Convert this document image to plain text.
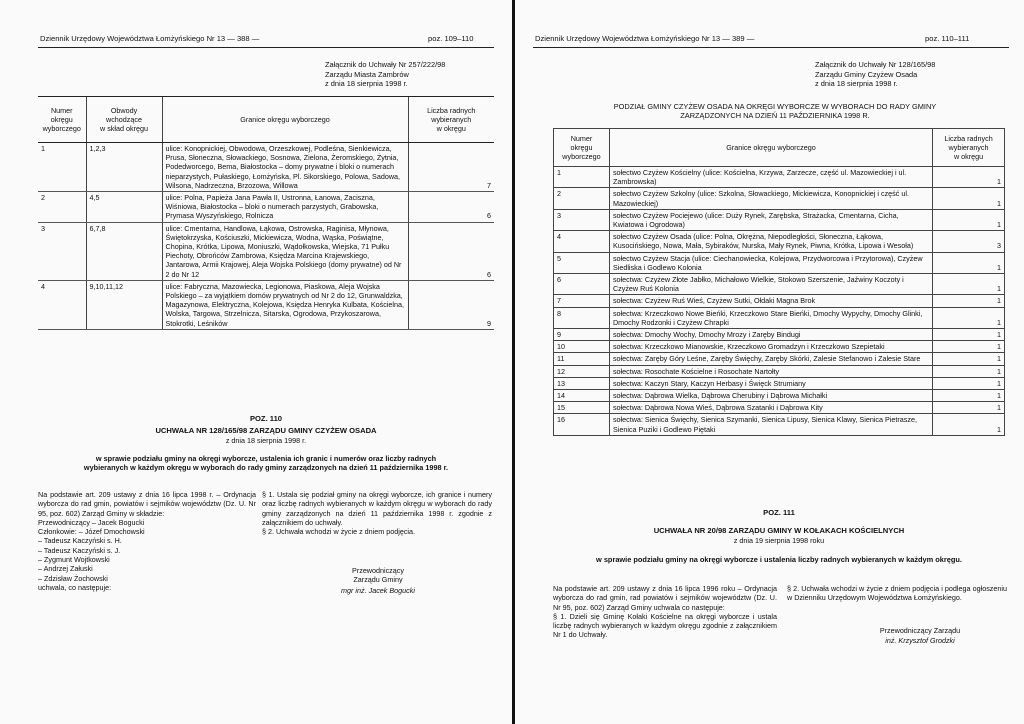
Dziennik Urzędowy Województwa Łomżyńskiego Nr 13 — 388 —	poz. 109–110
Załącznik do Uchwały Nr 257/222/98
Zarządu Miasta Zambrów
z dnia 18 sierpnia 1998 r.
Numer
okręgu
wyborczego	Obwody
wchodzące
w skład okręgu	Granice okręgu wyborczego	Liczba radnych
wybieranych
w okręgu
1	1,2,3	ulice: Konopnickiej, Obwodowa, Orzeszkowej, Podleśna, Sienkiewicza, Prusa, Słoneczna, Słowackiego, Sosnowa, Zielona, Żeromskiego, Żytnia, Podedworcego, Bema, Białostocka – domy prywatne i bloki o numerach nieparzystych, Pułaskiego, Łomżyńska, Pl. Sikorskiego, Polowa, Sadowa, Wilsona, Nadrzeczna, Brzozowa, Willowa	7
2	4,5	ulice: Polna, Papieża Jana Pawła II, Ustronna, Łanowa, Zaciszna, Wiśniowa, Białostocka – bloki o numerach parzystych, Grabowska, Prymasa Wyszyńskiego, Rolnicza	6
3	6,7,8	ulice: Cmentarna, Handlowa, Łąkowa, Ostrowska, Raginisa, Młynowa, Świętokrzyska, Kościuszki, Mickiewicza, Wodna, Wąska, Poświątne, Chopina, Krótka, Lipowa, Moniuszki, Wądołkowska, Wiejska, 71 Pułku Piechoty, Obrońców Zambrowa, Księdza Marcina Krajewskiego, Jantarowa, Armii Krajowej, Aleja Wojska Polskiego (domy prywatne) od Nr 2 do Nr 12	6
4	9,10,11,12	ulice: Fabryczna, Mazowiecka, Legionowa, Piaskowa, Aleja Wojska Polskiego – za wyjątkiem domów prywatnych od Nr 2 do 12, Grunwaldzka, Magazynowa, Elektryczna, Kolejowa, Księdza Henryka Kulbata, Kościelna, Wolska, Targowa, Strzelnicza, Sitarska, Ogrodowa, Przykoszarowa, Stokrotki, Leśników	9
POZ. 110
UCHWAŁA NR 128/165/98 ZARZĄDU GMINY CZYŻEW OSADA
z dnia 18 sierpnia 1998 r.
w sprawie podziału gminy na okręgi wyborcze, ustalenia ich granic i numerów oraz liczby radnych
wybieranych w każdym okręgu w wyborach do rady gminy zarządzonych na dzień 11 października 1998 r.
Na podstawie art. 209 ustawy z dnia 16 lipca 1998 r. – Ordynacja wyborcza do rad gmin, powiatów i sejmików województw (Dz. U. Nr 95, poz. 602) Zarząd Gminy w składzie:
Przewodniczący – Jacek Bogucki
Członkowie: – Józef Dmochowski
– Tadeusz Kaczyński s. H.
– Tadeusz Kaczyński s. J.
– Zygmunt Wojtkowski
– Andrzej Załuski
– Zdzisław Żochowski
uchwala, co następuje:
§ 1. Ustala się podział gminy na okręgi wyborcze, ich granice i numery oraz liczbę radnych wybieranych w każdym okręgu w wyborach do rady gminy zarządzonych na dzień 11 października 1998 r. zgodnie z załącznikiem do uchwały.
§ 2. Uchwała wchodzi w życie z dniem podjęcia.
Przewodniczący
Zarządu Gminy
mgr inż. Jacek Bogucki
Dziennik Urzędowy Województwa Łomżyńskiego Nr 13 — 389 —	poz. 110–111
Załącznik do Uchwały Nr 128/165/98
Zarządu Gminy Czyżew Osada
z dnia 18 sierpnia 1998 r.
PODZIAŁ GMINY CZYŻEW OSADA NA OKRĘGI WYBORCZE W WYBORACH DO RADY GMINY
ZARZĄDZONYCH NA DZIEŃ 11 PAŹDZIERNIKA 1998 R.
Numer
okręgu
wyborczego	Granice okręgu wyborczego	Liczba radnych
wybieranych
w okręgu
1	sołectwo Czyżew Kościelny (ulice: Kościelna, Krzywa, Zarzecze, część ul. Mazowieckiej i ul. Zambrowska)	1
2	sołectwo Czyżew Szkolny (ulice: Szkolna, Słowackiego, Mickiewicza, Konopnickiej i część ul. Mazowieckiej)	1
3	sołectwo Czyżew Pociejewo (ulice: Duży Rynek, Zarębska, Strażacka, Cmentarna, Cicha, Kwiatowa i Ogrodowa)	1
4	sołectwo Czyżew Osada (ulice: Polna, Okrężna, Niepodległości, Słoneczna, Łąkowa, Kusocińskiego, Nowa, Mała, Sybiraków, Nurska, Mały Rynek, Piwna, Krótka, Lipowa i Wesoła)	3
5	sołectwo Czyżew Stacja (ulice: Ciechanowiecka, Kolejowa, Przydworcowa i Przytorowa), Czyżew Siedliska i Godlewo Kolonia	1
6	sołectwa: Czyżew Złote Jabłko, Michałowo Wielkie, Stokowo Szerszenie, Jaźwiny Koczoty i Czyżew Ruś Kolonia	1
7	sołectwa: Czyżew Ruś Wieś, Czyżew Sutki, Ołdaki Magna Brok	1
8	sołectwa: Krzeczkowo Nowe Bieńki, Krzeczkowo Stare Bieńki, Dmochy Wypychy, Dmochy Glinki, Dmochy Rodzonki i Czyżew Chrapki	1
9	sołectwa: Dmochy Wochy, Dmochy Mrozy i Zaręby Bindugi	1
10	sołectwa: Krzeczkowo Mianowskie, Krzeczkowo Gromadzyn i Krzeczkowo Szepietaki	1
11	sołectwa: Zaręby Góry Leśne, Zaręby Święchy, Zaręby Skórki, Zalesie Stefanowo i Zalesie Stare	1
12	sołectwa: Rosochate Kościelne i Rosochate Nartołty	1
13	sołectwa: Kaczyn Stary, Kaczyn Herbasy i Święck Strumiany	1
14	sołectwa: Dąbrowa Wielka, Dąbrowa Cherubiny i Dąbrowa Michałki	1
15	sołectwa: Dąbrowa Nowa Wieś, Dąbrowa Szatanki i Dąbrowa Kity	1
16	sołectwa: Sienica Święchy, Sienica Szymanki, Sienica Lipusy, Sienica Klawy, Sienica Pietrasze, Sienica Puziki i Godlewo Piętaki	1
POZ. 111
UCHWAŁA NR 20/98 ZARZĄDU GMINY W KOŁAKACH KOŚCIELNYCH
z dnia 19 sierpnia 1998 roku
w sprawie podziału gminy na okręgi wyborcze i ustalenia liczby radnych wybieranych w każdym okręgu.
Na podstawie art. 209 ustawy z dnia 16 lipca 1996 roku – Ordynacja wyborcza do rad gmin, rad powiatów i sejmików województw (Dz. U. Nr 95, poz. 602) Zarząd Gminy uchwala co następuje:
§ 1. Dzieli się Gminę Kołaki Kościelne na okręgi wyborcze i ustala liczbę radnych wybieranych w każdym okręgu zgodnie z załącznikiem Nr 1 do Uchwały.
§ 2. Uchwała wchodzi w życie z dniem podjęcia i podlega ogłoszeniu w Dzienniku Urzędowym Województwa Łomżyńskiego.
Przewodniczący Zarządu
inż. Krzysztof Grodzki
